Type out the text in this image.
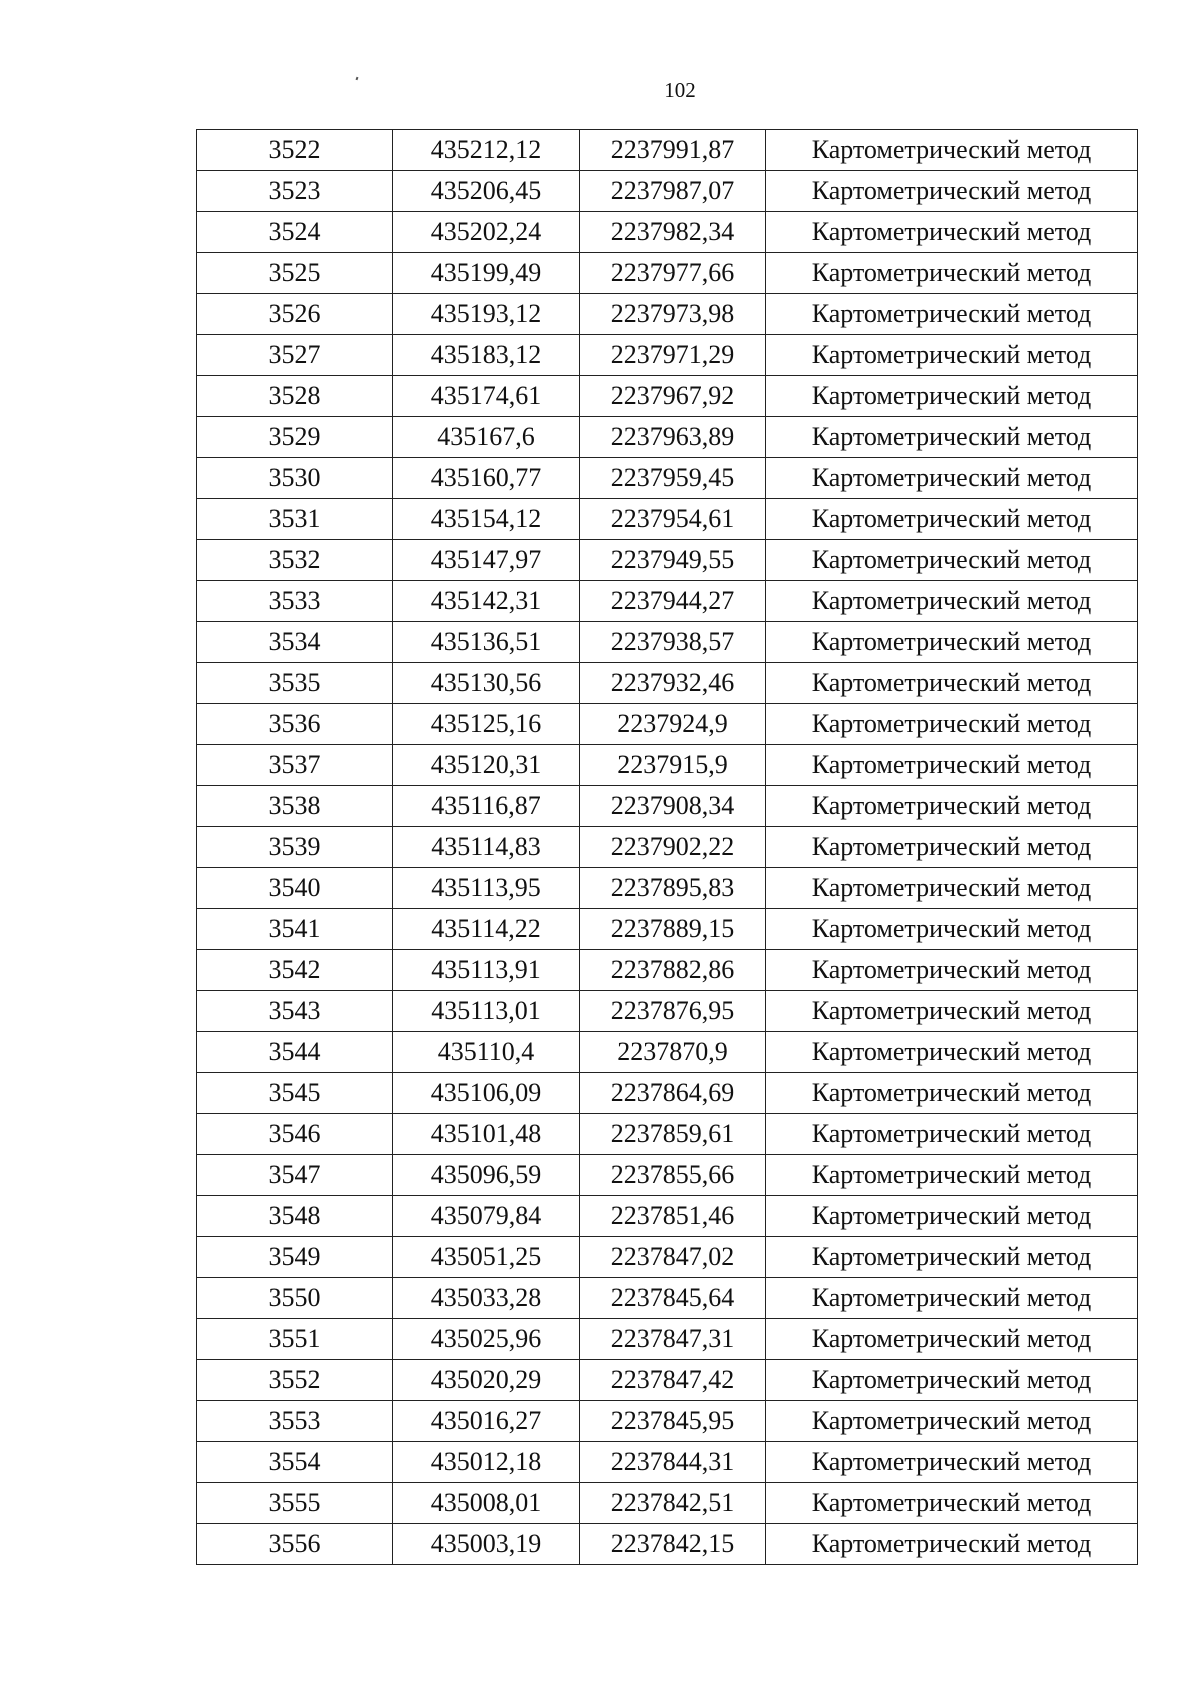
102
3522	435212,12	2237991,87	Картометрический метод
3523	435206,45	2237987,07	Картометрический метод
3524	435202,24	2237982,34	Картометрический метод
3525	435199,49	2237977,66	Картометрический метод
3526	435193,12	2237973,98	Картометрический метод
3527	435183,12	2237971,29	Картометрический метод
3528	435174,61	2237967,92	Картометрический метод
3529	435167,6	2237963,89	Картометрический метод
3530	435160,77	2237959,45	Картометрический метод
3531	435154,12	2237954,61	Картометрический метод
3532	435147,97	2237949,55	Картометрический метод
3533	435142,31	2237944,27	Картометрический метод
3534	435136,51	2237938,57	Картометрический метод
3535	435130,56	2237932,46	Картометрический метод
3536	435125,16	2237924,9	Картометрический метод
3537	435120,31	2237915,9	Картометрический метод
3538	435116,87	2237908,34	Картометрический метод
3539	435114,83	2237902,22	Картометрический метод
3540	435113,95	2237895,83	Картометрический метод
3541	435114,22	2237889,15	Картометрический метод
3542	435113,91	2237882,86	Картометрический метод
3543	435113,01	2237876,95	Картометрический метод
3544	435110,4	2237870,9	Картометрический метод
3545	435106,09	2237864,69	Картометрический метод
3546	435101,48	2237859,61	Картометрический метод
3547	435096,59	2237855,66	Картометрический метод
3548	435079,84	2237851,46	Картометрический метод
3549	435051,25	2237847,02	Картометрический метод
3550	435033,28	2237845,64	Картометрический метод
3551	435025,96	2237847,31	Картометрический метод
3552	435020,29	2237847,42	Картометрический метод
3553	435016,27	2237845,95	Картометрический метод
3554	435012,18	2237844,31	Картометрический метод
3555	435008,01	2237842,51	Картометрический метод
3556	435003,19	2237842,15	Картометрический метод
